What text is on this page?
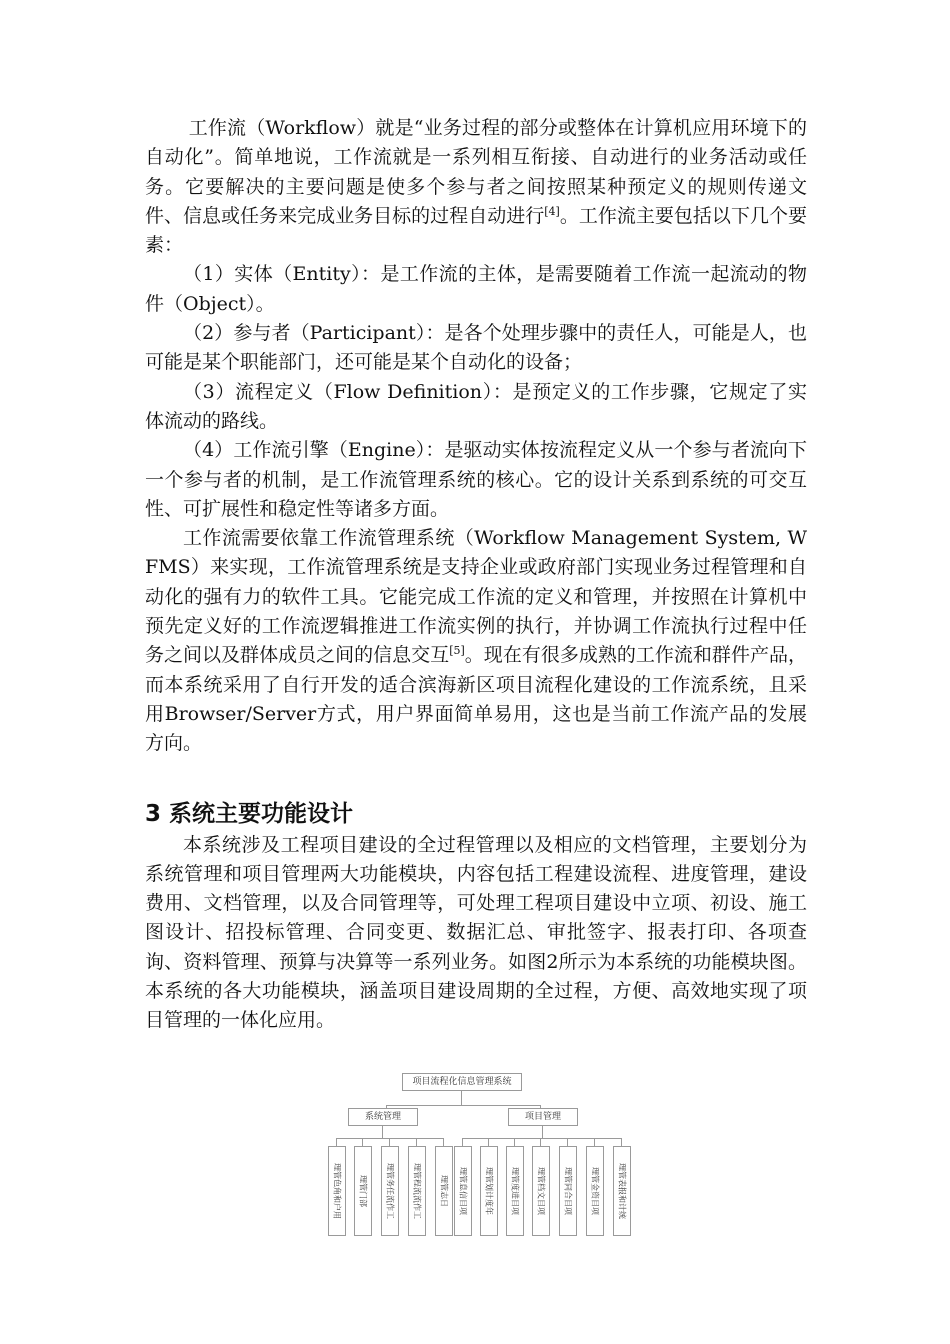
工作流（Workflow）就是“业务过程的部分或整体在计算机应用环境下的自动化”。简单地说，工作流就是一系列相互衔接、自动进行的业务活动或任务。它要解决的主要问题是使多个参与者之间按照某种预定义的规则传递文件、信息或任务来完成业务目标的过程自动进行[4]。工作流主要包括以下几个要素：

（1）实体（Entity）：是工作流的主体，是需要随着工作流一起流动的物件（Object）。

（2）参与者（Participant）：是各个处理步骤中的责任人，可能是人，也可能是某个职能部门，还可能是某个自动化的设备；

（3）流程定义（Flow Definition）：是预定义的工作步骤，它规定了实体流动的路线。

（4）工作流引擎（Engine）：是驱动实体按流程定义从一个参与者流向下一个参与者的机制，是工作流管理系统的核心。它的设计关系到系统的可交互性、可扩展性和稳定性等诸多方面。

工作流需要依靠工作流管理系统（Workflow Management System, WFMS）来实现，工作流管理系统是支持企业或政府部门实现业务过程管理和自动化的强有力的软件工具。它能完成工作流的定义和管理，并按照在计算机中预先定义好的工作流逻辑推进工作流实例的执行，并协调工作流执行过程中任务之间以及群体成员之间的信息交互[5]。现在有很多成熟的工作流和群件产品，而本系统采用了自行开发的适合滨海新区项目流程化建设的工作流系统，且采用Browser/Server方式，用户界面简单易用，这也是当前工作流产品的发展方向。

3 系统主要功能设计

本系统涉及工程项目建设的全过程管理以及相应的文档管理，主要划分为系统管理和项目管理两大功能模块，内容包括工程建设流程、进度管理，建设费用、文档管理，以及合同管理等，可处理工程项目建设中立项、初设、施工图设计、招投标管理、合同变更、数据汇总、审批签字、报表打印、各项查询、资料管理、预算与决算等一系列业务。如图2所示为本系统的功能模块图。本系统的各大功能模块，涵盖项目建设周期的全过程，方便、高效地实现了项目管理的一体化应用。

项目流程化信息管理系统
系统管理	项目管理
理管色角和户用 理管门部 理管务任流作工 理管程流流作工 理管志日 理管息信目项 理管划计度年 理管度进目项 理管档文目项 理管同合目项 理管金资目项 理管表报和计统
